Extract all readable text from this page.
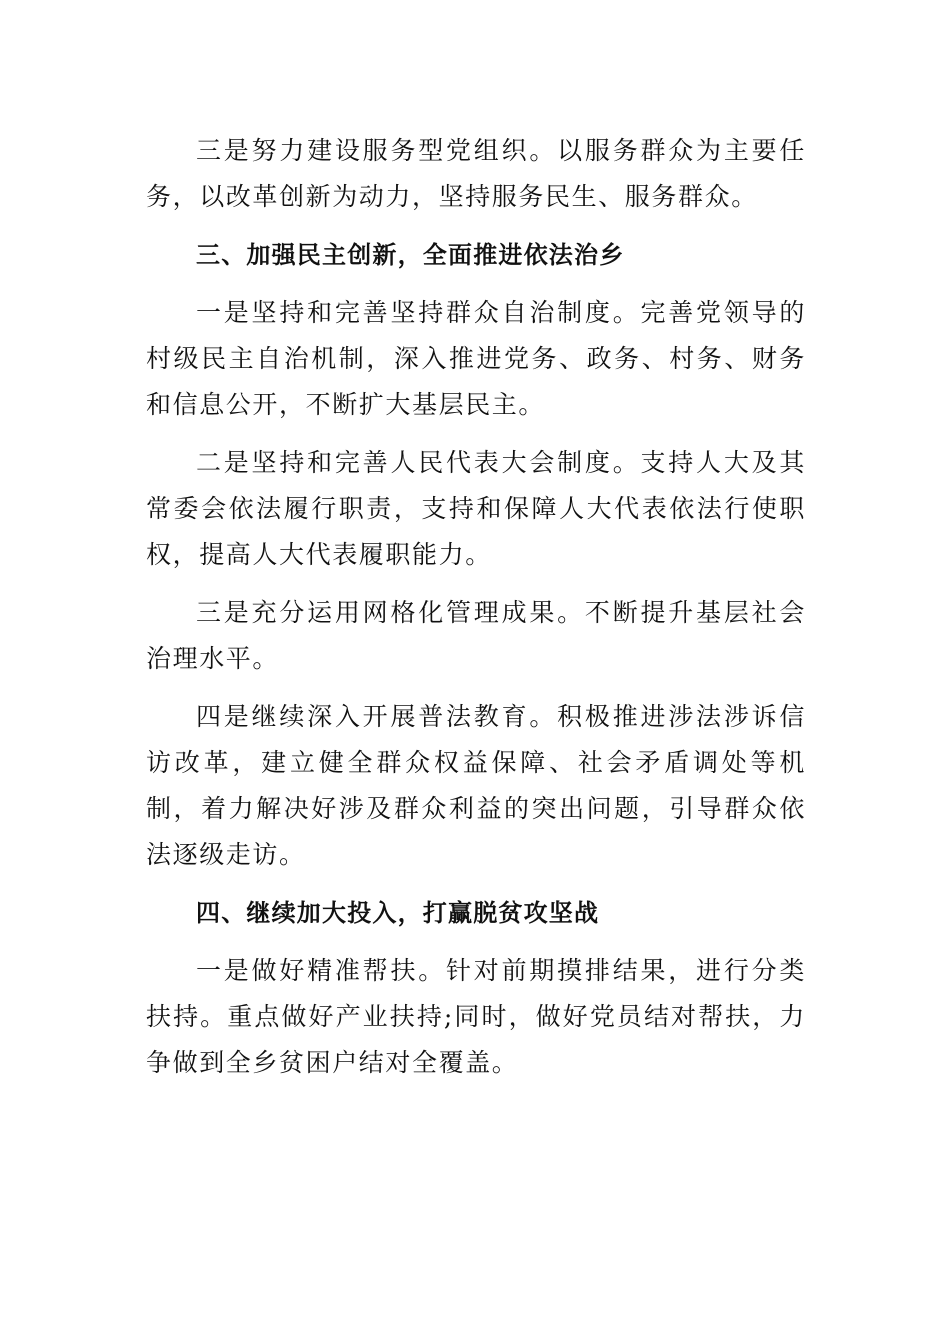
三是努力建设服务型党组织。以服务群众为主要任务，以改革创新为动力，坚持服务民生、服务群众。

三、加强民主创新，全面推进依法治乡

一是坚持和完善坚持群众自治制度。完善党领导的村级民主自治机制，深入推进党务、政务、村务、财务和信息公开，不断扩大基层民主。

二是坚持和完善人民代表大会制度。支持人大及其常委会依法履行职责，支持和保障人大代表依法行使职权，提高人大代表履职能力。

三是充分运用网格化管理成果。不断提升基层社会治理水平。

四是继续深入开展普法教育。积极推进涉法涉诉信访改革，建立健全群众权益保障、社会矛盾调处等机制，着力解决好涉及群众利益的突出问题，引导群众依法逐级走访。

四、继续加大投入，打赢脱贫攻坚战

一是做好精准帮扶。针对前期摸排结果，进行分类扶持。重点做好产业扶持;同时，做好党员结对帮扶，力争做到全乡贫困户结对全覆盖。
